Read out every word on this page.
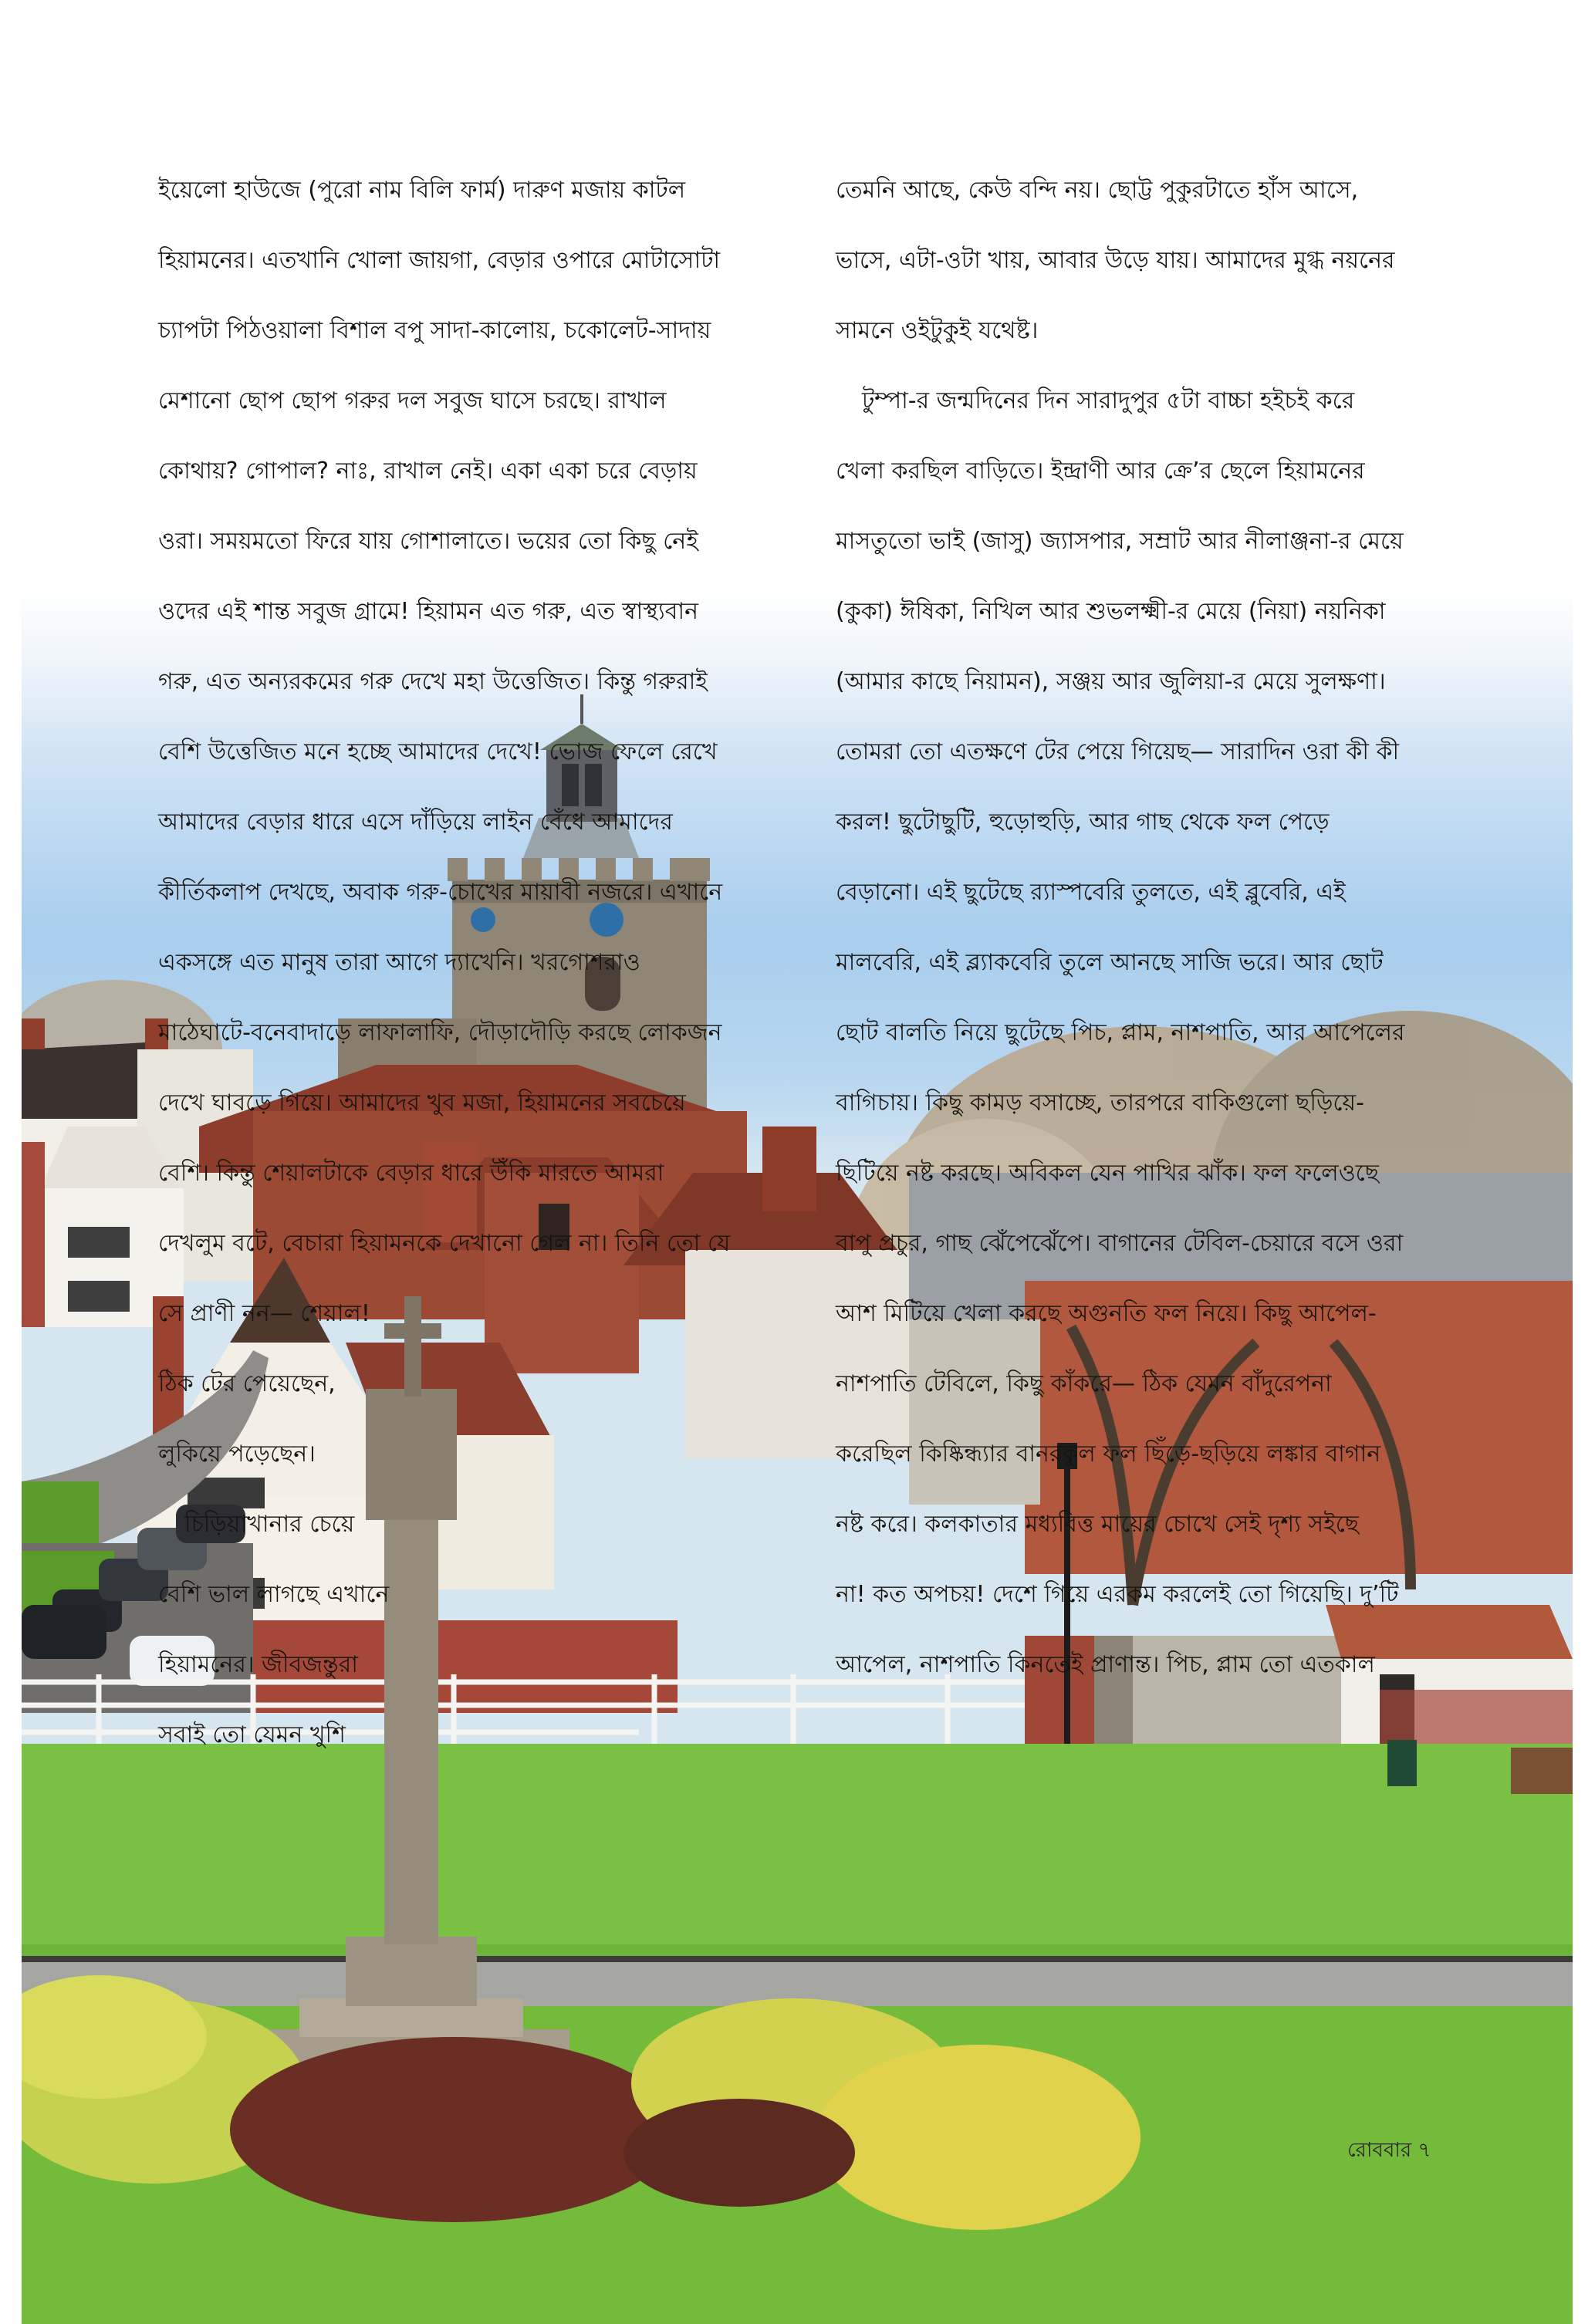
ইয়েলো হাউজে (পুরো নাম বিলি ফার্ম) দারুণ মজায় কাটল

হিয়ামনের। এতখানি খোলা জায়গা, বেড়ার ওপারে মোটাসোটা

চ্যাপটা পিঠওয়ালা বিশাল বপু সাদা-কালোয়, চকোলেট-সাদায়

মেশানো ছোপ ছোপ গরুর দল সবুজ ঘাসে চরছে। রাখাল

কোথায়? গোপাল? নাঃ, রাখাল নেই। একা একা চরে বেড়ায়

ওরা। সময়মতো ফিরে যায় গোশালাতে। ভয়ের তো কিছু নেই

ওদের এই শান্ত সবুজ গ্রামে! হিয়ামন এত গরু, এত স্বাস্থ্যবান

গরু, এত অন্যরকমের গরু দেখে মহা উত্তেজিত। কিন্তু গরুরাই

বেশি উত্তেজিত মনে হচ্ছে আমাদের দেখে! ভোজ ফেলে রেখে

আমাদের বেড়ার ধারে এসে দাঁড়িয়ে লাইন বেঁধে আমাদের

কীর্তিকলাপ দেখছে, অবাক গরু-চোখের মায়াবী নজরে। এখানে

একসঙ্গে এত মানুষ তারা আগে দ্যাখেনি। খরগোশরাও

মাঠেঘাটে-বনেবাদাড়ে লাফালাফি, দৌড়াদৌড়ি করছে লোকজন

দেখে ঘাবড়ে গিয়ে। আমাদের খুব মজা, হিয়ামনের সবচেয়ে

বেশি। কিন্তু শেয়ালটাকে বেড়ার ধারে উঁকি মারতে আমরা

দেখলুম বটে, বেচারা হিয়ামনকে দেখানো গেল না। তিনি তো যে

সে প্রাণী নন— শেয়াল!

ঠিক টের পেয়েছেন,

লুকিয়ে পড়েছেন।

চিড়িয়াখানার চেয়ে

বেশি ভাল লাগছে এখানে

হিয়ামনের। জীবজন্তুরা

সবাই তো যেমন খুশি

তেমনি আছে, কেউ বন্দি নয়। ছোট্ট পুকুরটাতে হাঁস আসে,

ভাসে, এটা-ওটা খায়, আবার উড়ে যায়। আমাদের মুগ্ধ নয়নের

সামনে ওইটুকুই যথেষ্ট।

টুম্পা-র জন্মদিনের দিন সারাদুপুর ৫টা বাচ্চা হইচই করে

খেলা করছিল বাড়িতে। ইন্দ্রাণী আর ক্রে’র ছেলে হিয়ামনের

মাসতুতো ভাই (জাসু) জ্যাসপার, সম্রাট আর নীলাঞ্জনা-র মেয়ে

(কুকা) ঈষিকা, নিখিল আর শুভলক্ষ্মী-র মেয়ে (নিয়া) নয়নিকা

(আমার কাছে নিয়ামন), সঞ্জয় আর জুলিয়া-র মেয়ে সুলক্ষণা।

তোমরা তো এতক্ষণে টের পেয়ে গিয়েছ— সারাদিন ওরা কী কী

করল! ছুটোছুটি, হুড়োহুড়ি, আর গাছ থেকে ফল পেড়ে

বেড়ানো। এই ছুটেছে র‍্যাস্পবেরি তুলতে, এই ব্লুবেরি, এই

মালবেরি, এই ব্ল্যাকবেরি তুলে আনছে সাজি ভরে। আর ছোট

ছোট বালতি নিয়ে ছুটেছে পিচ, প্লাম, নাশপাতি, আর আপেলের

বাগিচায়। কিছু কামড় বসাচ্ছে, তারপরে বাকিগুলো ছড়িয়ে-

ছিটিয়ে নষ্ট করছে। অবিকল যেন পাখির ঝাঁক। ফল ফলেওছে

বাপু প্রচুর, গাছ ঝেঁপেঝেঁপে। বাগানের টেবিল-চেয়ারে বসে ওরা

আশ মিটিয়ে খেলা করছে অগুনতি ফল নিয়ে। কিছু আপেল-

নাশপাতি টেবিলে, কিছু কাঁকরে— ঠিক যেমন বাঁদুরেপনা

করেছিল কিষ্কিন্ধ্যার বানরকুল ফল ছিঁড়ে-ছড়িয়ে লঙ্কার বাগান

নষ্ট করে। কলকাতার মধ্যবিত্ত মায়ের চোখে সেই দৃশ্য সইছে

না! কত অপচয়! দেশে গিয়ে এরকম করলেই তো গিয়েছি। দু’টি

আপেল, নাশপাতি কিনতেই প্রাণান্ত। পিচ, প্লাম তো এতকাল

রোববার ৭
